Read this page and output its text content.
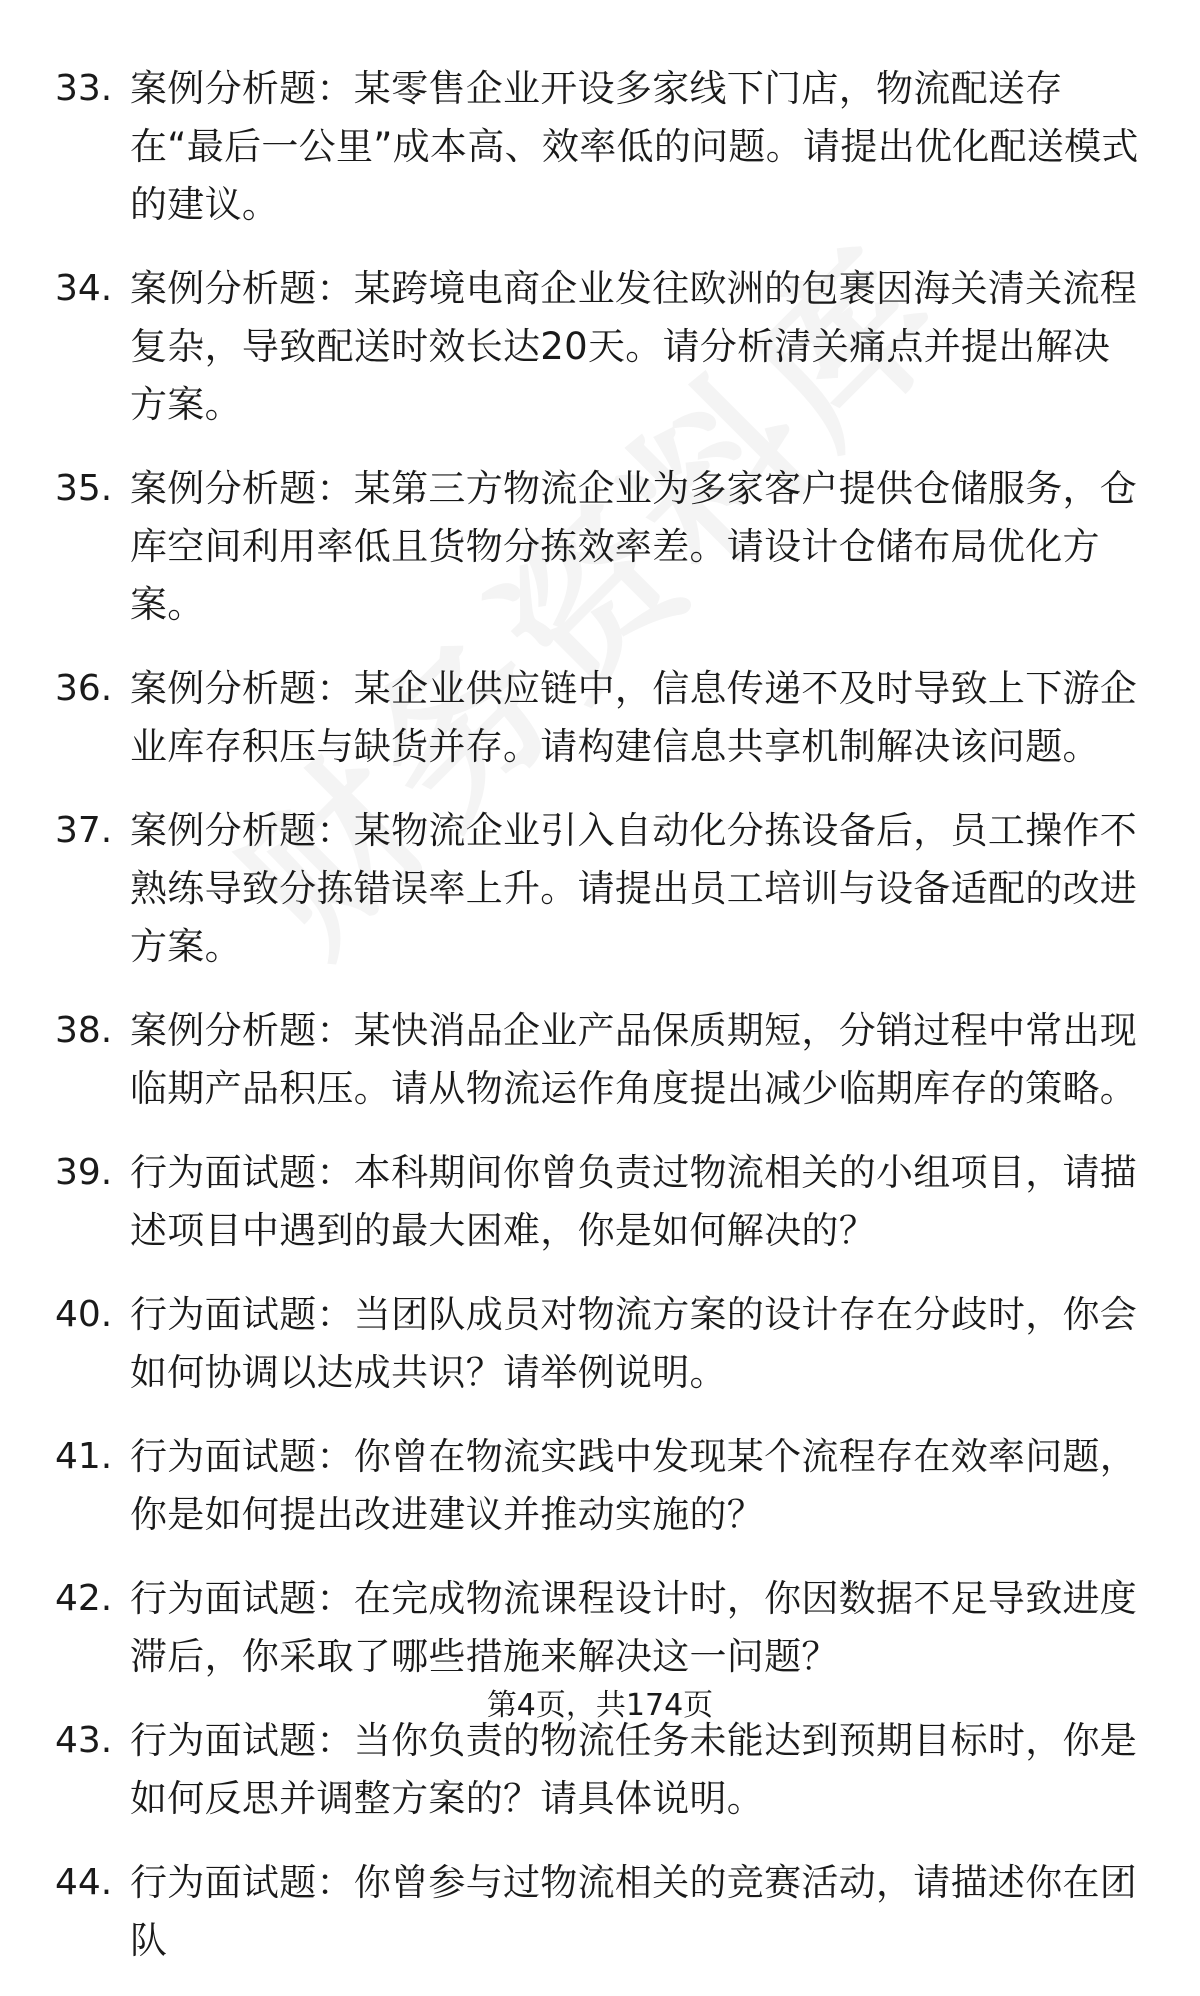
33. 案例分析题：某零售企业开设多家线下门店，物流配送存在“最后一公里”成本高、效率低的问题。请提出优化配送模式的建议。
34. 案例分析题：某跨境电商企业发往欧洲的包裹因海关清关流程复杂，导致配送时效长达20天。请分析清关痛点并提出解决方案。
35. 案例分析题：某第三方物流企业为多家客户提供仓储服务，仓库空间利用率低且货物分拣效率差。请设计仓储布局优化方案。
36. 案例分析题：某企业供应链中，信息传递不及时导致上下游企业库存积压与缺货并存。请构建信息共享机制解决该问题。
37. 案例分析题：某物流企业引入自动化分拣设备后，员工操作不熟练导致分拣错误率上升。请提出员工培训与设备适配的改进方案。
38. 案例分析题：某快消品企业产品保质期短，分销过程中常出现临期产品积压。请从物流运作角度提出减少临期库存的策略。
39. 行为面试题：本科期间你曾负责过物流相关的小组项目，请描述项目中遇到的最大困难，你是如何解决的？
40. 行为面试题：当团队成员对物流方案的设计存在分歧时，你会如何协调以达成共识？请举例说明。
41. 行为面试题：你曾在物流实践中发现某个流程存在效率问题，你是如何提出改进建议并推动实施的？
42. 行为面试题：在完成物流课程设计时，你因数据不足导致进度滞后，你采取了哪些措施来解决这一问题？
43. 行为面试题：当你负责的物流任务未能达到预期目标时，你是如何反思并调整方案的？请具体说明。
44. 行为面试题：你曾参与过物流相关的竞赛活动，请描述你在团队
第4页，共174页
